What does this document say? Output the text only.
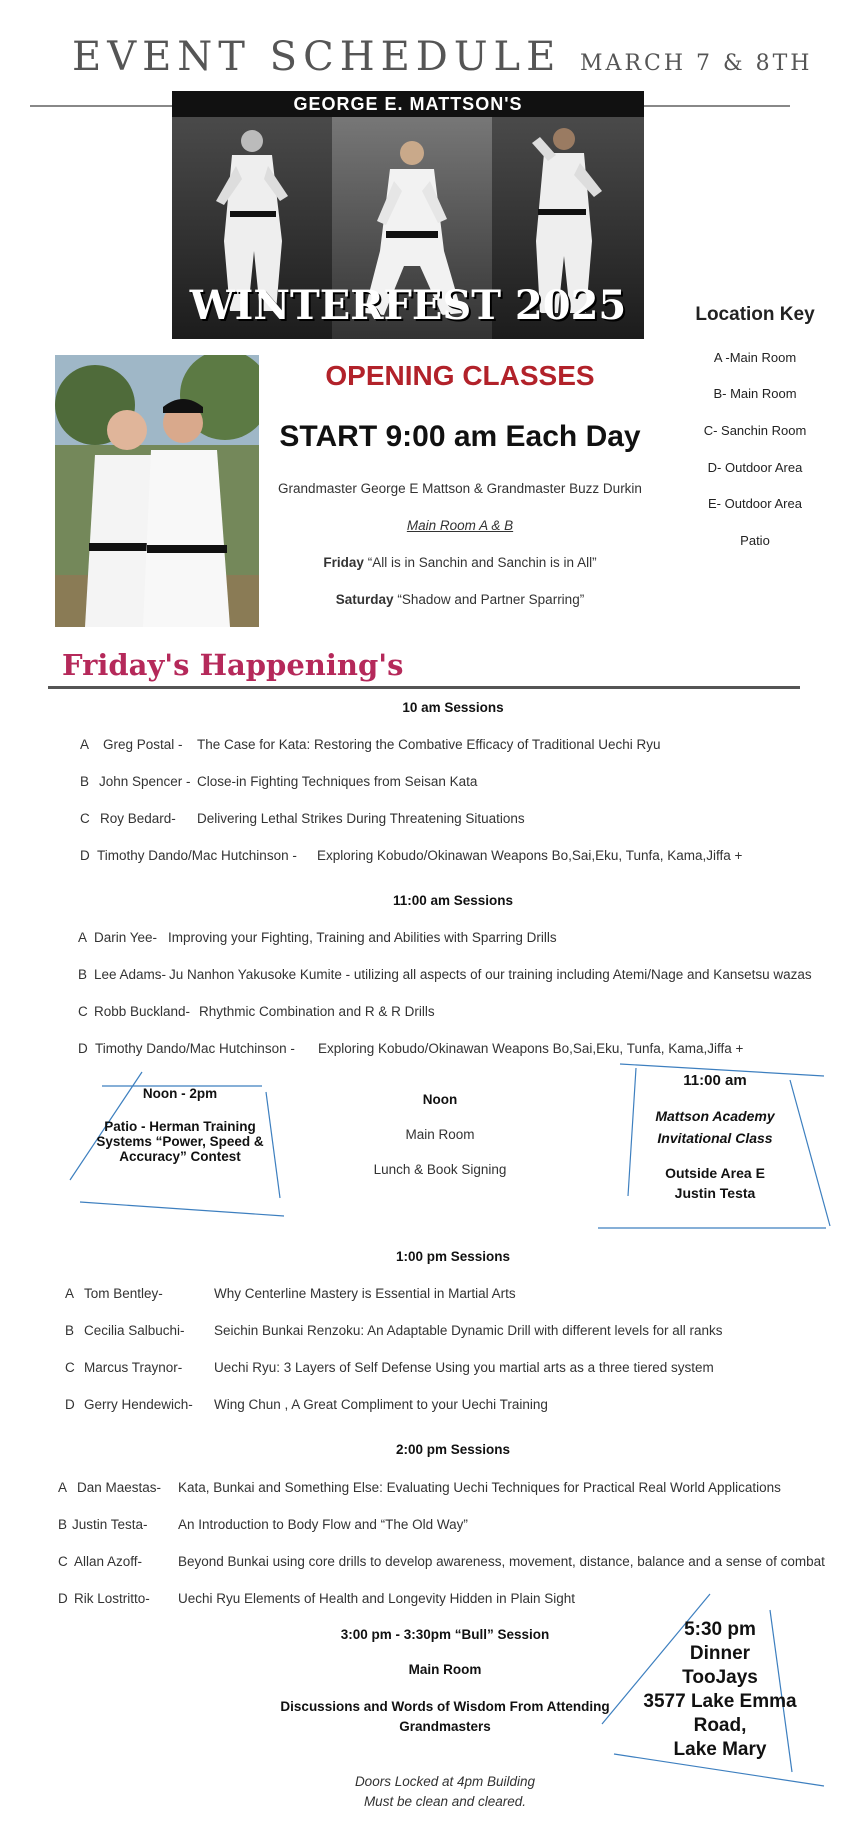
EVENT SCHEDULE MARCH 7 & 8TH
GEORGE E. MATTSON'S
WINTERFEST 2025	Location Key
A -Main Room
B- Main Room
C- Sanchin Room
D- Outdoor Area
E- Outdoor Area
Patio
OPENING CLASSES
START 9:00 am Each Day
Grandmaster George E Mattson & Grandmaster Buzz Durkin
Main Room A & B
Friday “All is in Sanchin and Sanchin is in All”
Saturday “Shadow and Partner Sparring”
Friday's Happening's
10 am Sessions
A Greg Postal - The Case for Kata: Restoring the Combative Efficacy of Traditional Uechi Ryu
B John Spencer - Close-in Fighting Techniques from Seisan Kata
C Roy Bedard- Delivering Lethal Strikes During Threatening Situations
D Timothy Dando/Mac Hutchinson - Exploring Kobudo/Okinawan Weapons Bo,Sai,Eku, Tunfa, Kama,Jiffa +
11:00 am Sessions
A Darin Yee- Improving your Fighting, Training and Abilities with Sparring Drills
B Lee Adams- Ju Nanhon Yakusoke Kumite - utilizing all aspects of our training including Atemi/Nage and Kansetsu wazas
C Robb Buckland- Rhythmic Combination and R & R Drills
D Timothy Dando/Mac Hutchinson - Exploring Kobudo/Okinawan Weapons Bo,Sai,Eku, Tunfa, Kama,Jiffa +
Noon - 2pm
Patio - Herman Training Systems “Power, Speed & Accuracy” Contest
Noon
Main Room
Lunch & Book Signing
11:00 am
Mattson Academy Invitational Class
Outside Area E
Justin Testa
1:00 pm Sessions
A Tom Bentley-	Why Centerline Mastery is Essential in Martial Arts
B Cecilia Salbuchi- Seichin Bunkai Renzoku: An Adaptable Dynamic Drill with different levels for all ranks
C Marcus Traynor- Uechi Ryu: 3 Layers of Self Defense Using you martial arts as a three tiered system
D Gerry Hendewich- Wing Chun , A Great Compliment to your Uechi Training
2:00 pm Sessions
A Dan Maestas- Kata, Bunkai and Something Else: Evaluating Uechi Techniques for Practical Real World Applications
B Justin Testa- An Introduction to Body Flow and “The Old Way”
C Allan Azoff-	Beyond Bunkai using core drills to develop awareness, movement, distance, balance and a sense of combat
D Rik Lostritto- Uechi Ryu Elements of Health and Longevity Hidden in Plain Sight
3:00 pm - 3:30pm “Bull” Session
Main Room
Discussions and Words of Wisdom From Attending Grandmasters
Doors Locked at 4pm Building
Must be clean and cleared.
5:30 pm
Dinner
TooJays
3577 Lake Emma Road,
Lake Mary
